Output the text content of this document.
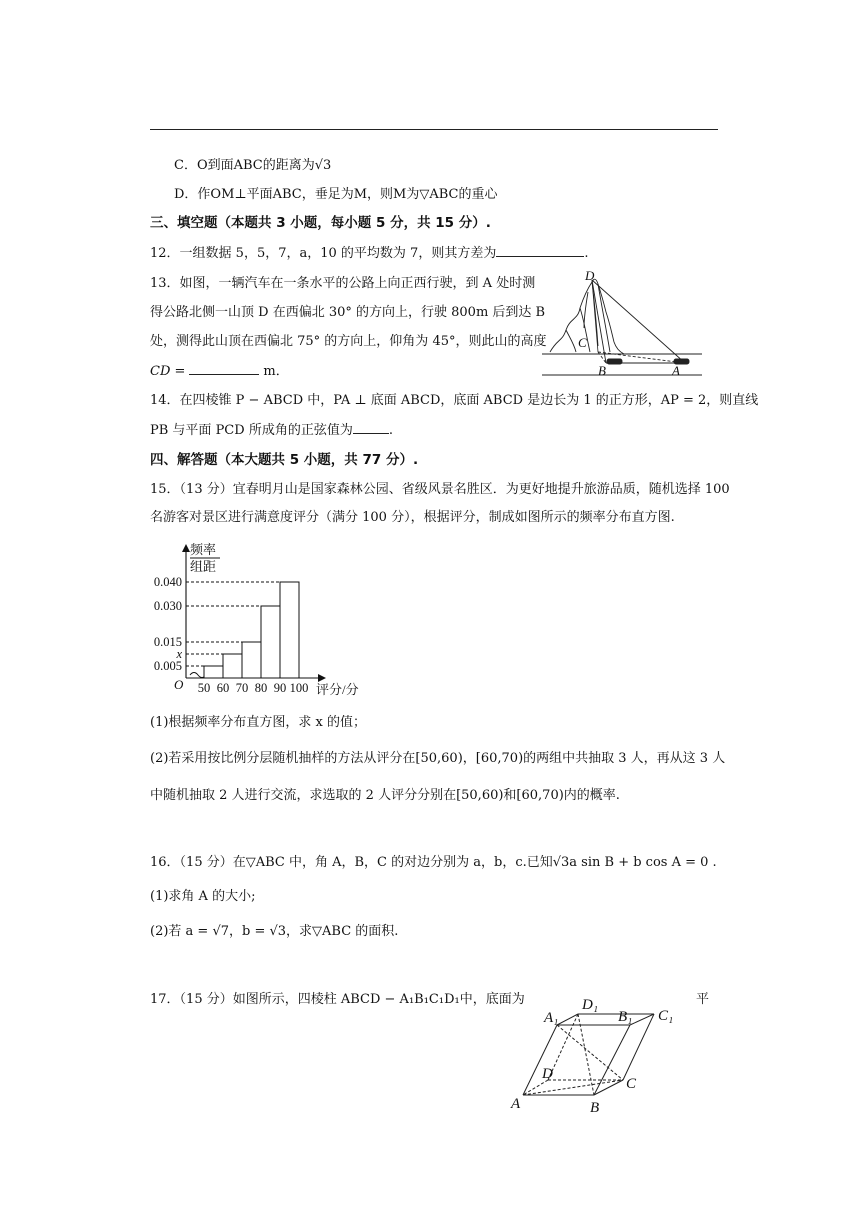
C．O到面ABC的距离为√3
D．作OM⊥平面ABC，垂足为M，则M为▽ABC的重心
三、填空题（本题共 3 小题，每小题 5 分，共 15 分）.
12．一组数据 5，5，7，a，10 的平均数为 7，则其方差为	.
13．如图，一辆汽车在一条水平的公路上向正西行驶，到 A 处时测
得公路北侧一山顶 D 在西偏北 30° 的方向上，行驶 800m 后到达 B
处，测得此山顶在西偏北 75° 的方向上，仰角为 45°，则此山的高度
CD =	m．
D
C
B	A
14．在四棱锥 P − ABCD 中，PA ⊥ 底面 ABCD，底面 ABCD 是边长为 1 的正方形，AP = 2，则直线
PB 与平面 PCD 所成角的正弦值为	.
四、解答题（本大题共 5 小题，共 77 分）.
15．（13 分）宜春明月山是国家森林公园、省级风景名胜区．为更好地提升旅游品质，随机选择 100
名游客对景区进行满意度评分（满分 100 分），根据评分，制成如图所示的频率分布直方图.
频率
组距
O	评分/分
0.040
0.030
0.015
x
0.005
50 60 70 80 90 100
(1)根据频率分布直方图，求 x 的值；
(2)若采用按比例分层随机抽样的方法从评分在[50,60)，[60,70)的两组中共抽取 3 人，再从这 3 人
中随机抽取 2 人进行交流，求选取的 2 人评分分别在[50,60)和[60,70)内的概率.
16．（15 分）在▽ABC 中，角 A，B，C 的对边分别为 a，b，c.已知√3a sin B + b cos A = 0 .
(1)求角 A 的大小;
(2)若 a = √7，b = √3，求▽ABC 的面积.
17．（15 分）如图所示，四棱柱 ABCD − A₁B₁C₁D₁中，底面为	平
D₁
C₁
A₁	B₁
D
C
A	B
